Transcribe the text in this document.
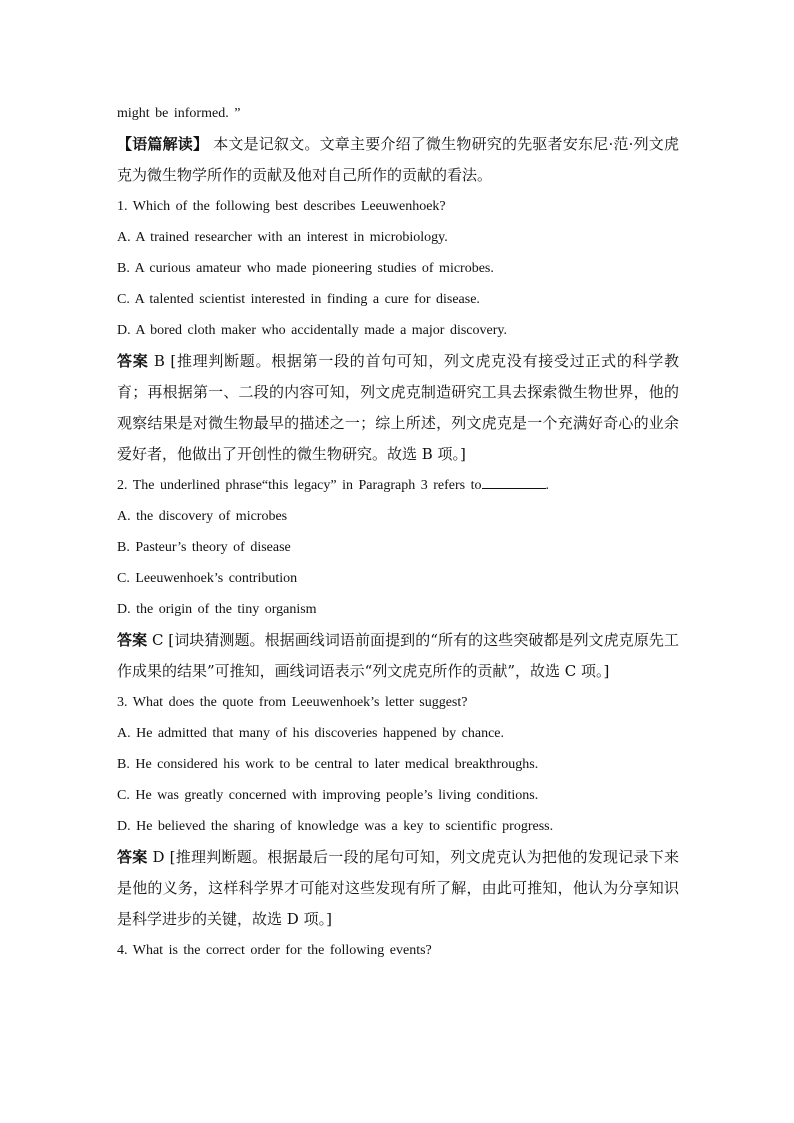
might be informed. ”
【语篇解读】 本文是记叙文。文章主要介绍了微生物研究的先驱者安东尼·范·列文虎克为微生物学所作的贡献及他对自己所作的贡献的看法。
1. Which of the following best describes Leeuwenhoek?
A. A trained researcher with an interest in microbiology.
B. A curious amateur who made pioneering studies of microbes.
C. A talented scientist interested in finding a cure for disease.
D. A bored cloth maker who accidentally made a major discovery.
答案 B [推理判断题。根据第一段的首句可知，列文虎克没有接受过正式的科学教育；再根据第一、二段的内容可知，列文虎克制造研究工具去探索微生物世界，他的观察结果是对微生物最早的描述之一；综上所述，列文虎克是一个充满好奇心的业余爱好者，他做出了开创性的微生物研究。故选 B 项。]
2. The underlined phrase“this legacy” in Paragraph 3 refers to	.
A. the discovery of microbes
B. Pasteur’s theory of disease
C. Leeuwenhoek’s contribution
D. the origin of the tiny organism
答案 C [词块猜测题。根据画线词语前面提到的“所有的这些突破都是列文虎克原先工作成果的结果”可推知，画线词语表示“列文虎克所作的贡献”，故选 C 项。]
3. What does the quote from Leeuwenhoek’s letter suggest?
A. He admitted that many of his discoveries happened by chance.
B. He considered his work to be central to later medical breakthroughs.
C. He was greatly concerned with improving people’s living conditions.
D. He believed the sharing of knowledge was a key to scientific progress.
答案 D [推理判断题。根据最后一段的尾句可知，列文虎克认为把他的发现记录下来是他的义务，这样科学界才可能对这些发现有所了解，由此可推知，他认为分享知识是科学进步的关键，故选 D 项。]
4. What is the correct order for the following events?
